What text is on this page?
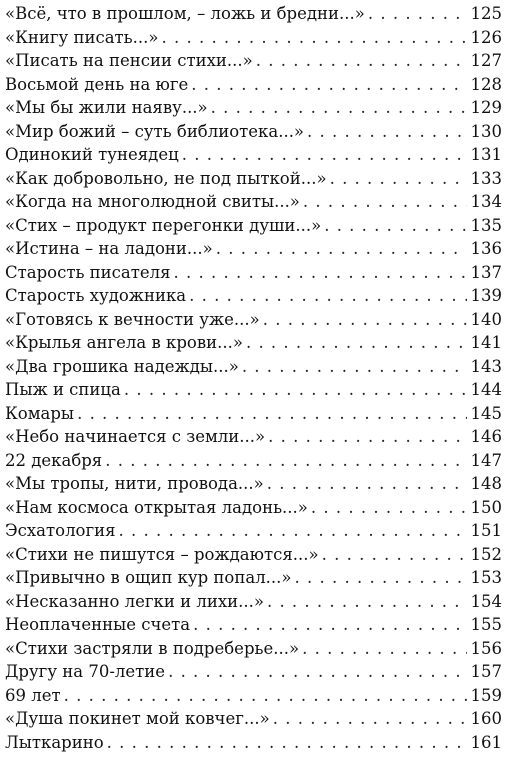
«Всё, что в прошлом, – ложь и бредни...» . . .	125
«Книгу писать...» . . .	126
«Писать на пенсии стихи...» . . .	127
Восьмой день на юге . . .	128
«Мы бы жили наяву...» . . .	129
«Мир божий – суть библиотека...» . . .	130
Одинокий тунеядец . . .	131
«Как добровольно, не под пыткой...» . . .	133
«Когда на многолюдной свиты...» . . .	134
«Стих – продукт перегонки души...» . . .	135
«Истина – на ладони...» . . .	136
Старость писателя . . .	137
Старость художника . . .	139
«Готовясь к вечности уже...» . . .	140
«Крылья ангела в крови...» . . .	141
«Два грошика надежды...» . . .	143
Пыж и спица . . .	144
Комары . . .	145
«Небо начинается с земли...» . . .	146
22 декабря . . .	147
«Мы тропы, нити, провода...» . . .	148
«Нам космоса открытая ладонь...» . . .	150
Эсхатология . . .	151
«Стихи не пишутся – рождаются...» . . .	152
«Привычно в ощип кур попал...» . . .	153
«Несказанно легки и лихи...» . . .	154
Неоплаченные счета . . .	155
«Стихи застряли в подреберье...» . . .	156
Другу на 70-летие . . .	157
69 лет . . .	159
«Душа покинет мой ковчег...» . . .	160
Лыткарино . . .	161
